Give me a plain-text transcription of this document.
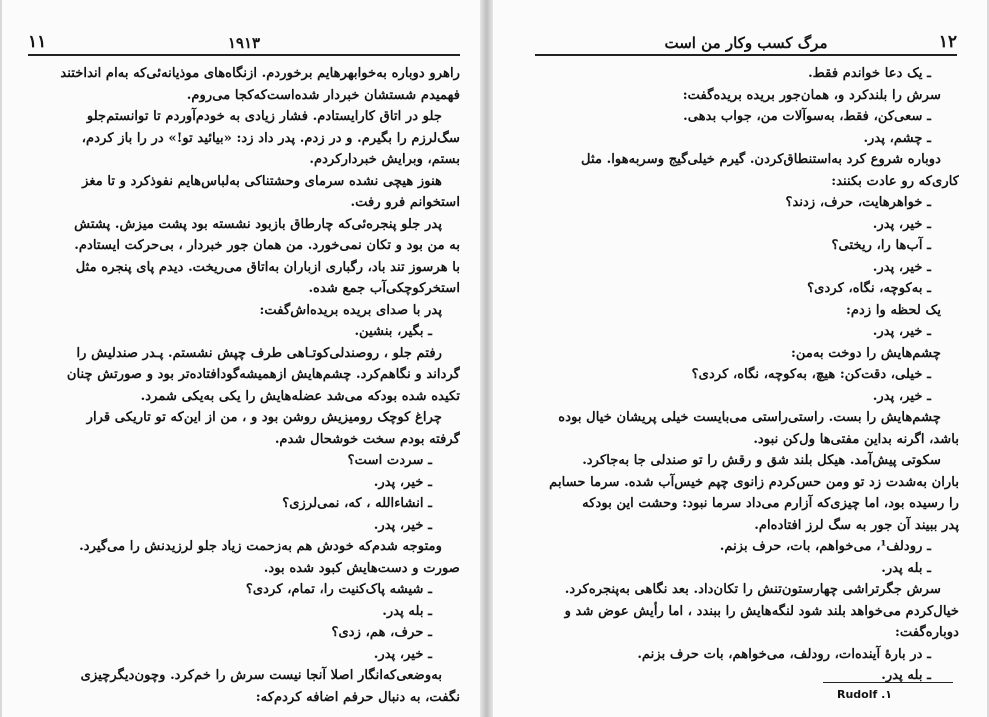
۱۱	۱۹۱۳
راهرو دوباره به‌خوابهرهایم برخوردم. ازنگاه‌های موذیانه‌ئی‌که به‌ام انداختند
فهمیدم شستشان خبردار شده‌است‌که‌کجا می‌روم.
جلو در اتاق کارایستادم. فشار زیادی به خودم‌آوردم تا توانستم‌جلو
سگ‌لرزم را بگیرم. و در زدم. پدر داد زد: «بیائید تو!» در را باز کردم،
بستم، وبرایش خبردار‌کردم.
هنوز هیچی نشده سرمای وحشتناکی به‌لباس‌هایم نفوذ‌کرد و تا مغز
استخوانم فرو رفت.
پدر جلو پنجره‌ئی‌که چارطاق بازبود نشسته بود پشت میزش. پشتش
به من بود و تکان نمی‌خورد. من همان جور خبردار ، بی‌حرکت ایستادم.
با هرسوز تند باد، رگباری ازباران به‌اتاق می‌ریخت. دیدم پای پنجره مثل
استخرکوچکی‌آب جمع شده.
پدر با صدای بریده بریده‌اش‌گفت:
ـ بگیر، بنشین.
رفتم جلو ، روصندلی‌کوتـاهی طرف چپش نشستم. پـدر صندلیش را
گرداند و نگاهم‌کرد. چشم‌هایش ازهمیشه‌گودافتاده‌تر بود و صورتش چنان
تکیده شده بودکه می‌شد عضله‌هایش را یکی به‌یکی شمرد.
چراغ کوچک رومیزیش روشن بود و ، من از این‌که تو تاریکی قرار
گرفته بودم سخت خوشحال شدم.
ـ سردت است؟
ـ خیر، پدر.
ـ انشاءالله ، که، نمی‌لرزی؟
ـ خیر، پدر.
ومتوجه شدم‌که خودش هم به‌زحمت زیاد جلو لرزیدنش را می‌گیرد.
صورت و دست‌هایش کبود شده بود.
ـ شیشه پاک‌کنیت را، تمام، کردی؟
ـ بله پدر.
ـ حرف، هم، زدی؟
ـ خیر، پدر.
به‌وضعی‌که‌انگار اصلا آنجا نیست سرش را خم‌کرد. وچون‌دیگرچیزی
نگفت، به دنبال حرفم اضافه کردم‌که:
مرگ کسب وکار من است	۱۲
ـ یک دعا خواندم فقط.
سرش را بلندکرد و، همان‌جور بریده بریده‌گفت:
ـ سعی‌کن، فقط، به‌سوآلات من، جواب بدهی.
ـ چشم، پدر.
دوباره شروع کرد به‌استنطاق‌کردن. گیرم خیلی‌گیج وسربه‌هوا. مثل
کاری‌که رو عادت بکنند:
ـ خواهرهایت، حرف، زدند؟
ـ خیر، پدر.
ـ آب‌ها را، ریختی؟
ـ خیر، پدر.
ـ به‌کوچه، نگاه، کردی؟
یک لحظه وا زدم:
ـ خیر، پدر.
چشم‌هایش را دوخت به‌من:
ـ خیلی، دقت‌کن: هیچ، به‌کوچه، نگاه، کردی؟
ـ خیر، پدر.
چشم‌هایش را بست. راستی‌راستی می‌بایست خیلی پریشان خیال بوده
باشد، اگرنه بداین مفتی‌ها ول‌کن نبود.
سکوتی پیش‌آمد. هیکل بلند شق و رقش را تو صندلی جا به‌جاکرد.
باران به‌شدت زد تو ومن حس‌کردم زانوی چپم خیس‌آب شده. سرما حسابم
را رسیده بود، اما چیزی‌که آزارم می‌داد سرما نبود: وحشت این بودکه
پدر ببیند آن جور به سگ لرز افتاده‌ام.
ـ رودلف¹، می‌خواهم، بات، حرف بزنم.
ـ بله پدر.
سرش جگرتراشی چهارستون‌تنش را تکان‌داد. بعد نگاهی به‌پنجره‌کرد.
خیال‌کردم می‌خواهد بلند شود لنگه‌هایش را ببندد ، اما رأیش عوض شد و
دوباره‌گفت:
ـ در بارهٔ آینده‌ات، رودلف، می‌خواهم، بات حرف بزنم.
ـ بله پدر.
Rudolf .۱
